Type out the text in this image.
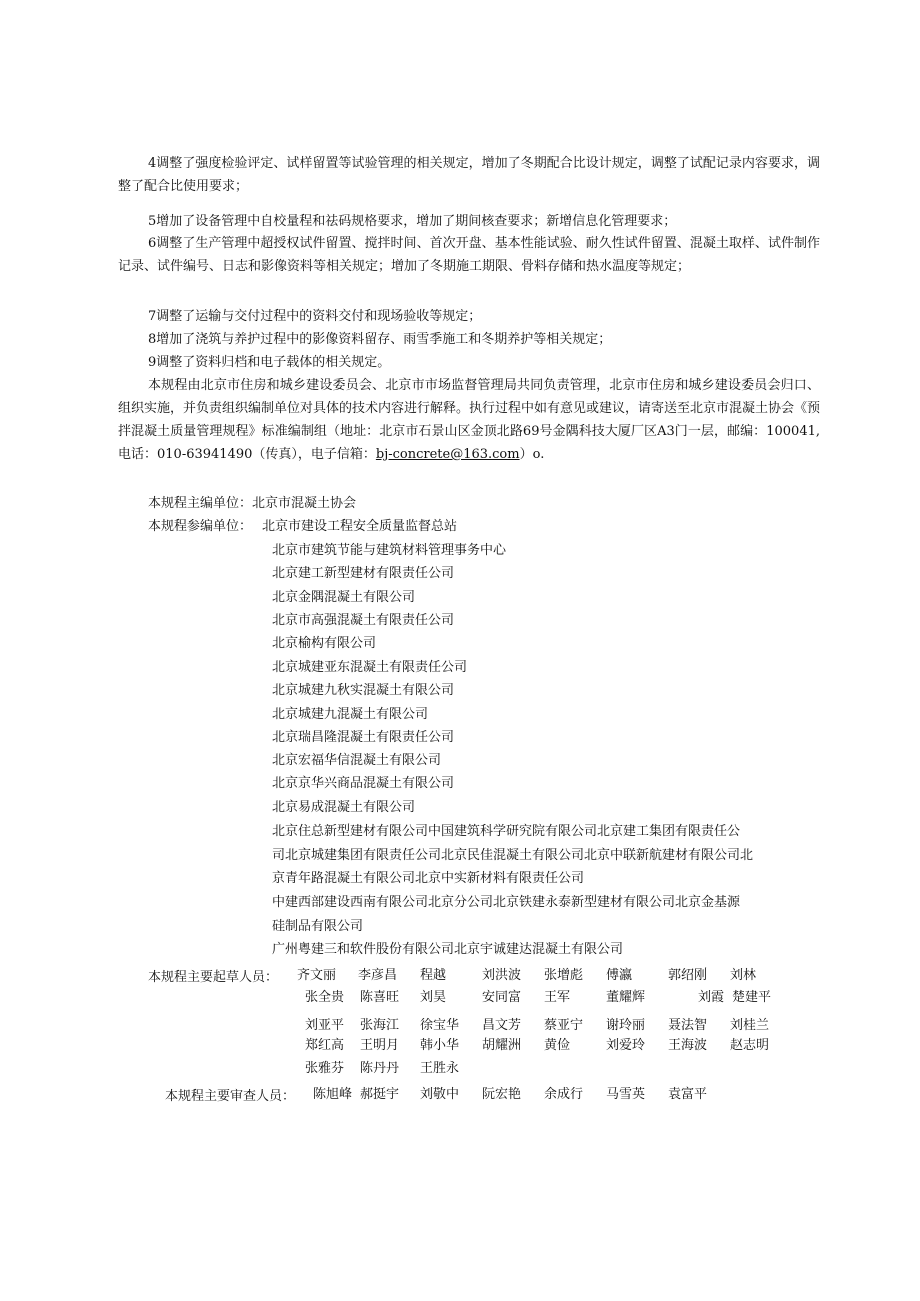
4调整了强度检验评定、试样留置等试验管理的相关规定，增加了冬期配合比设计规定，调整了试配记录内容要求，调整了配合比使用要求；

5增加了设备管理中自校量程和祛码规格要求，增加了期间核查要求；新增信息化管理要求；

6调整了生产管理中超授权试件留置、搅拌时间、首次开盘、基本性能试验、耐久性试件留置、混凝土取样、试件制作记录、试件编号、日志和影像资料等相关规定；增加了冬期施工期限、骨料存储和热水温度等规定；

7调整了运输与交付过程中的资料交付和现场验收等规定；

8增加了浇筑与养护过程中的影像资料留存、雨雪季施工和冬期养护等相关规定；

9调整了资料归档和电子载体的相关规定。

本规程由北京市住房和城乡建设委员会、北京市市场监督管理局共同负责管理，北京市住房和城乡建设委员会归口、组织实施，并负责组织编制单位对具体的技术内容进行解释。执行过程中如有意见或建议，请寄送至北京市混凝土协会《预拌混凝土质量管理规程》标准编制组（地址：北京市石景山区金顶北路69号金隅科技大厦厂区A3门一层，邮编：100041,电话：010-63941490（传真），电子信箱：bj-concrete@163.com）o.

本规程主编单位：北京市混凝土协会
本规程参编单位： 北京市建设工程安全质量监督总站
北京市建筑节能与建筑材料管理事务中心
北京建工新型建材有限责任公司
北京金隅混凝土有限公司
北京市高强混凝土有限责任公司
北京榆构有限公司
北京城建亚东混凝土有限责任公司
北京城建九秋实混凝土有限公司
北京城建九混凝土有限公司
北京瑞昌隆混凝土有限责任公司
北京宏福华信混凝土有限公司
北京京华兴商品混凝土有限公司
北京易成混凝土有限公司
北京住总新型建材有限公司中国建筑科学研究院有限公司北京建工集团有限责任公
司北京城建集团有限责任公司北京民佳混凝土有限公司北京中联新航建材有限公司北
京青年路混凝土有限公司北京中实新材料有限责任公司
中建西部建设西南有限公司北京分公司北京铁建永泰新型建材有限公司北京金基源
硅制品有限公司
广州粤建三和软件股份有限公司北京宇诚建达混凝土有限公司
本规程主要起草人员： 齐文丽 李彦昌 程越	刘洪波 张增彪 傅瀛	郭绍刚 刘林
张全贵 陈喜旺 刘昊	安同富 王军	董耀辉	刘霞 楚建平
刘亚平 张海江 徐宝华 昌文芳 蔡亚宁 谢玲丽 聂法智 刘桂兰
郑红高 王明月 韩小华 胡耀洲 黄俭	刘爱玲 王海波 赵志明
张雅芬 陈丹丹 王胜永
本规程主要审查人员： 陈旭峰 郝挺宇 刘敬中 阮宏艳 余成行 马雪英 袁富平
